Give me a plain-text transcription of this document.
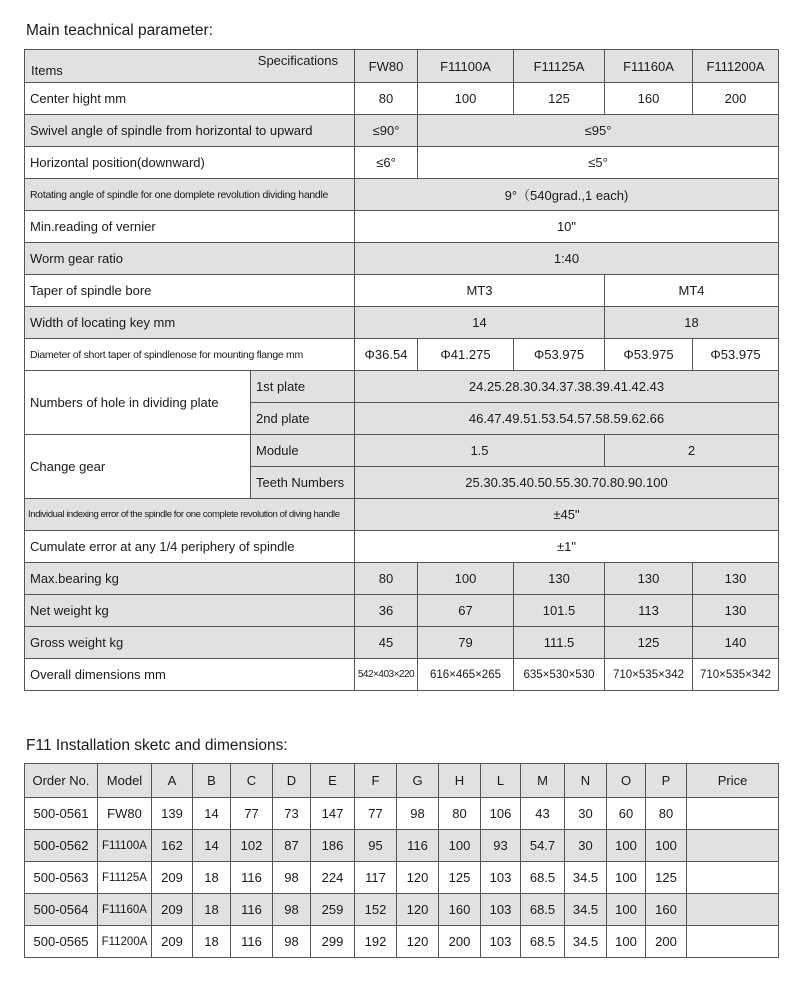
Main teachnical parameter:
Items
Specifications		FW80	F11100A	F11125A	F11160A	F111200A
Center hight mm		80	100	125	160	200
Swivel angle of spindle from horizontal to upward		≤90°	≤95°			
Horizontal position(downward)		≤6°	≤5°			
Rotating angle of spindle for one domplete revolution dividing handle		9°（540grad.,1 each)				
Min.reading of vernier		10"				
Worm gear ratio		1:40				
Taper of spindle bore		MT3			MT4	
Width of locating key mm		14			18	
Diameter of short taper of spindlenose for mounting flange mm		Φ36.54	Φ41.275	Φ53.975	Φ53.975	Φ53.975
Numbers of hole in dividing plate	1st plate	24.25.28.30.34.37.38.39.41.42.43				
	2nd plate	46.47.49.51.53.54.57.58.59.62.66				
Change gear	Module	1.5			2	
	Teeth Numbers	25.30.35.40.50.55.30.70.80.90.100				
Individual indexing error of the spindle for one complete revolution of diving handle		±45"				
Cumulate error at any 1/4 periphery of spindle		±1"				
Max.bearing kg		80	100	130	130	130
Net weight kg		36	67	101.5	113	130
Gross weight kg		45	79	111.5	125	140
Overall dimensions mm		542×403×220	616×465×265	635×530×530	710×535×342	710×535×342
F11 Installation sketc and dimensions:
Order No.	Model	A	B	C	D	E	F	G	H	L	M	N	O	P	Price
500-0561	FW80	139	14	77	73	147	77	98	80	106	43	30	60	80	
500-0562	F11100A	162	14	102	87	186	95	116	100	93	54.7	30	100	100	
500-0563	F11125A	209	18	116	98	224	117	120	125	103	68.5	34.5	100	125	
500-0564	F11160A	209	18	116	98	259	152	120	160	103	68.5	34.5	100	160	
500-0565	F11200A	209	18	116	98	299	192	120	200	103	68.5	34.5	100	200	
